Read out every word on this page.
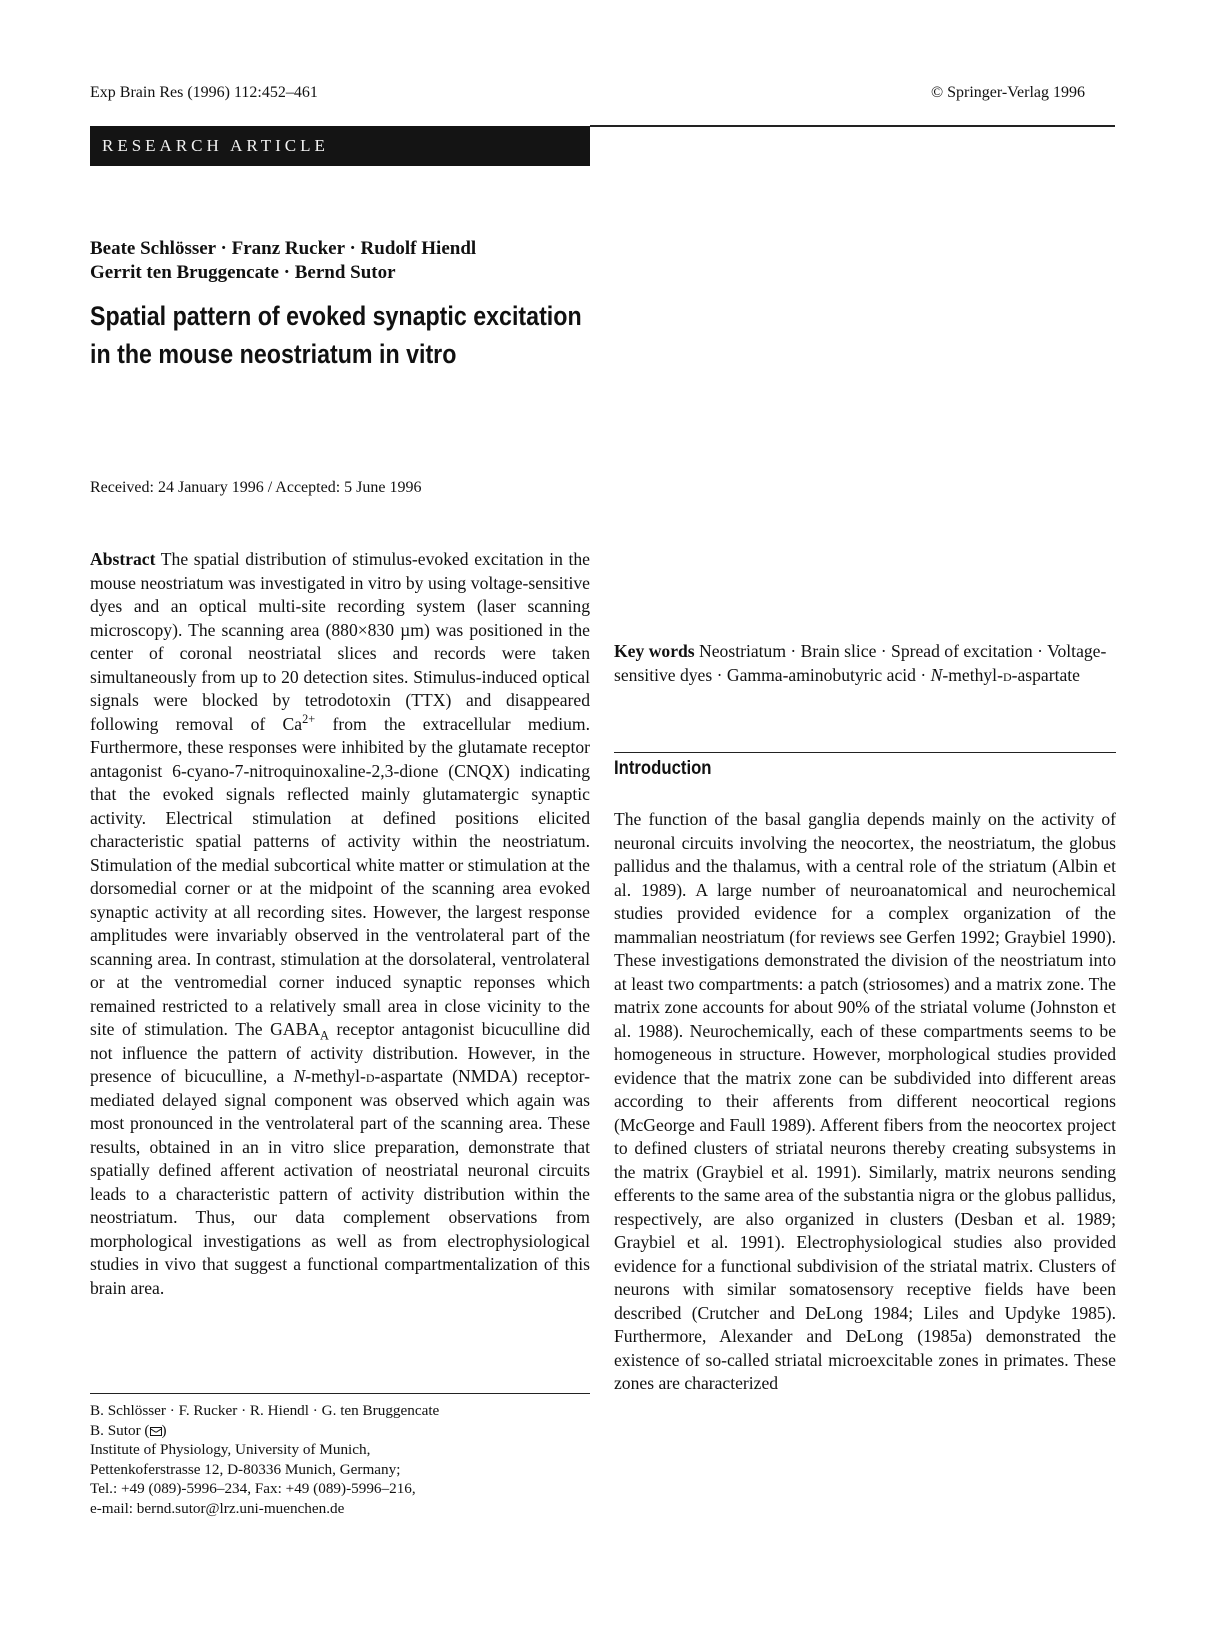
Exp Brain Res (1996) 112:452–461	© Springer-Verlag 1996
RESEARCH ARTICLE
Beate Schlösser · Franz Rucker · Rudolf Hiendl
Gerrit ten Bruggencate · Bernd Sutor
Spatial pattern of evoked synaptic excitation
in the mouse neostriatum in vitro
Received: 24 January 1996 / Accepted: 5 June 1996
Abstract The spatial distribution of stimulus-evoked excitation in the mouse neostriatum was investigated in vitro by using voltage-sensitive dyes and an optical multi-site recording system (laser scanning microscopy). The scanning area (880×830 µm) was positioned in the center of coronal neostriatal slices and records were taken simultaneously from up to 20 detection sites. Stimulus-induced optical signals were blocked by tetrodotoxin (TTX) and disappeared following removal of $Ca^{2+}$ from the extracellular medium. Furthermore, these responses were inhibited by the glutamate receptor antagonist 6-cyano-7-nitroquinoxaline-2,3-dione (CNQX) indicating that the evoked signals reflected mainly glutamatergic synaptic activity. Electrical stimulation at defined positions elicited characteristic spatial patterns of activity within the neostriatum. Stimulation of the medial subcortical white matter or stimulation at the dorsomedial corner or at the midpoint of the scanning area evoked synaptic activity at all recording sites. However, the largest response amplitudes were invariably observed in the ventrolateral part of the scanning area. In contrast, stimulation at the dorsolateral, ventrolateral or at the ventromedial corner induced synaptic reponses which remained restricted to a relatively small area in close vicinity to the site of stimulation. The $GABA_A$ receptor antagonist bicuculline did not influence the pattern of activity distribution. However, in the presence of bicuculline, a N-methyl-d-aspartate (NMDA) receptor-mediated delayed signal component was observed which again was most pronounced in the ventrolateral part of the scanning area. These results, obtained in an in vitro slice preparation, demonstrate that spatially defined afferent activation of neostriatal neuronal circuits leads to a characteristic pattern of activity distribution within the neostriatum. Thus, our data complement observations from morphological investigations as well as from electrophysiological studies in vivo that suggest a functional compartmentalization of this brain area.
B. Schlösser · F. Rucker · R. Hiendl · G. ten Bruggencate
B. Sutor ( )
Institute of Physiology, University of Munich,
Pettenkoferstrasse 12, D-80336 Munich, Germany;
Tel.: +49 (089)-5996–234, Fax: +49 (089)-5996–216,
e-mail: bernd.sutor@lrz.uni-muenchen.de
Key words Neostriatum · Brain slice · Spread of excitation · Voltage-sensitive dyes · Gamma-aminobutyric acid · N-methyl-d-aspartate
Introduction
The function of the basal ganglia depends mainly on the activity of neuronal circuits involving the neocortex, the neostriatum, the globus pallidus and the thalamus, with a central role of the striatum (Albin et al. 1989). A large number of neuroanatomical and neurochemical studies provided evidence for a complex organization of the mammalian neostriatum (for reviews see Gerfen 1992; Graybiel 1990). These investigations demonstrated the division of the neostriatum into at least two compartments: a patch (striosomes) and a matrix zone. The matrix zone accounts for about 90% of the striatal volume (Johnston et al. 1988). Neurochemically, each of these compartments seems to be homogeneous in structure. However, morphological studies provided evidence that the matrix zone can be subdivided into different areas according to their afferents from different neocortical regions (McGeorge and Faull 1989). Afferent fibers from the neocortex project to defined clusters of striatal neurons thereby creating subsystems in the matrix (Graybiel et al. 1991). Similarly, matrix neurons sending efferents to the same area of the substantia nigra or the globus pallidus, respectively, are also organized in clusters (Desban et al. 1989; Graybiel et al. 1991). Electrophysiological studies also provided evidence for a functional subdivision of the striatal matrix. Clusters of neurons with similar somatosensory receptive fields have been described (Crutcher and DeLong 1984; Liles and Updyke 1985). Furthermore, Alexander and DeLong (1985a) demonstrated the existence of so-called striatal microexcitable zones in primates. These zones are characterized
